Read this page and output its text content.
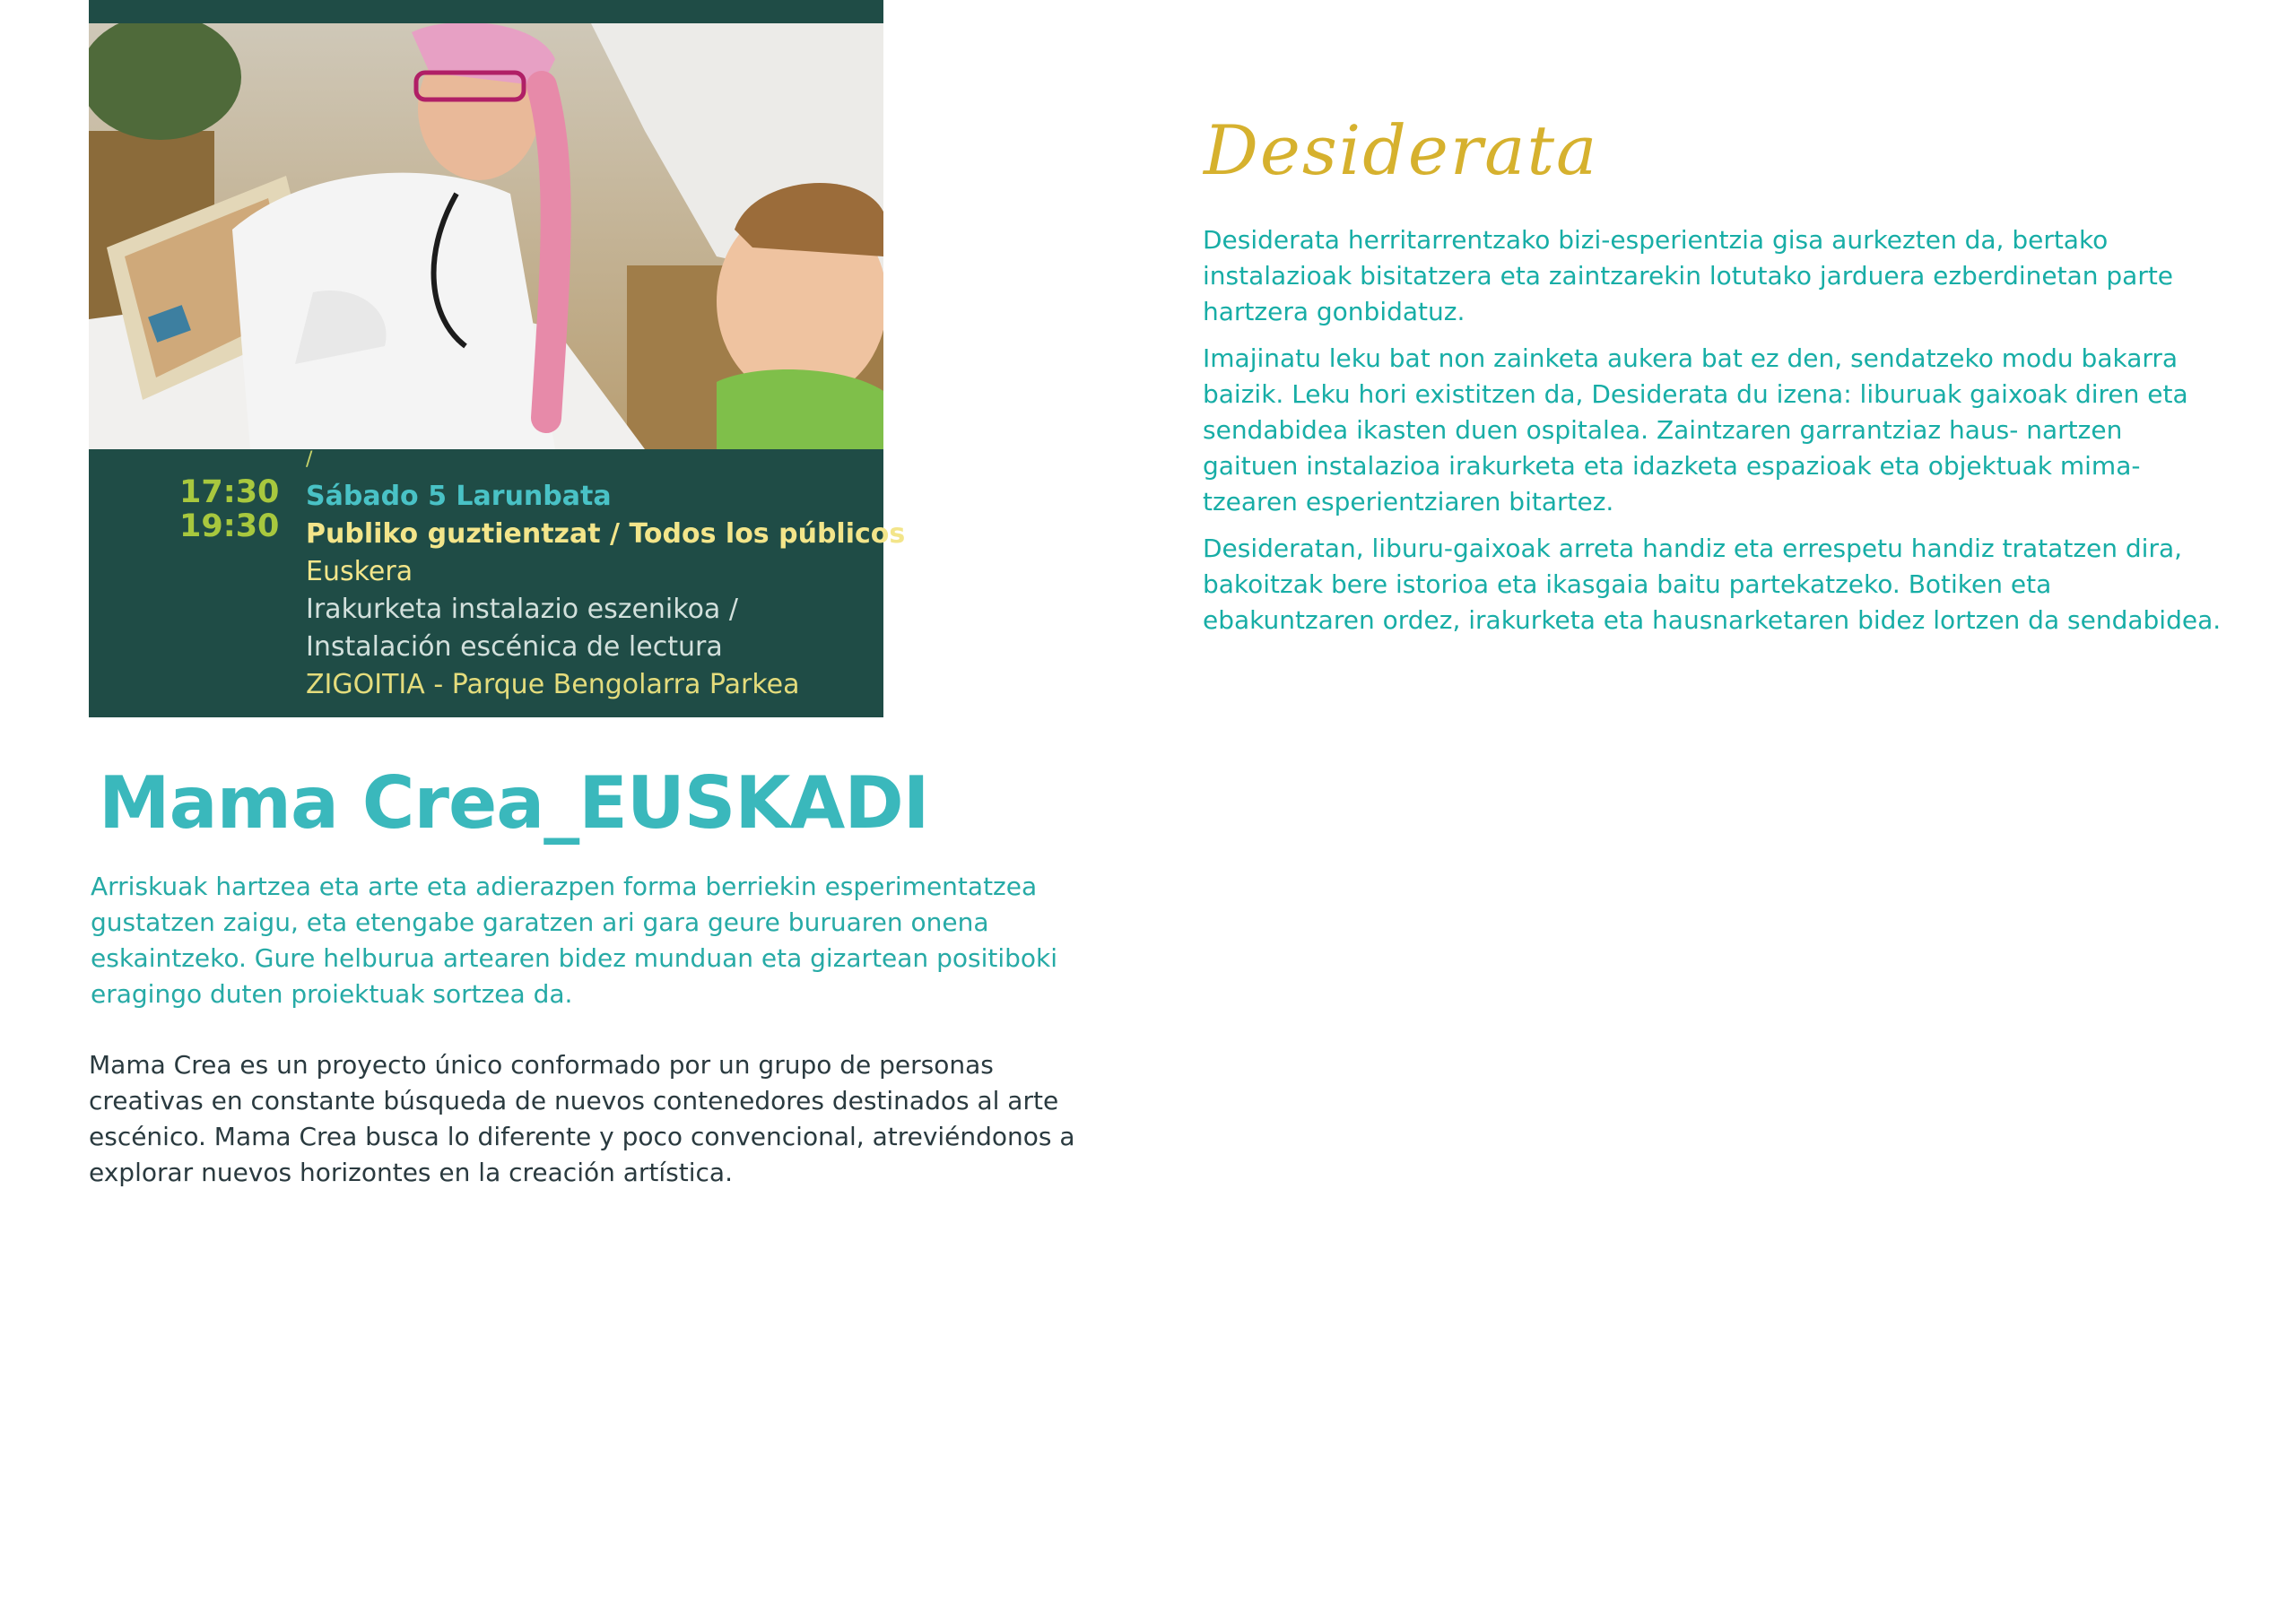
/
17:30
19:30
Sábado 5 Larunbata
Publiko guztientzat / Todos los públicos
Euskera
Irakurketa instalazio eszenikoa /
Instalación escénica de lectura
ZIGOITIA - Parque Bengolarra Parkea
Mama Crea_EUSKADI
Arriskuak hartzea eta arte eta adierazpen forma berriekin esperimentatzea gustatzen zaigu, eta etengabe garatzen ari gara geure buruaren onena eskaintzeko. Gure helburua artearen bidez munduan eta gizartean positiboki eragingo duten proiektuak sortzea da.
Mama Crea es un proyecto único conformado por un grupo de personas creativas en constante búsqueda de nuevos contenedores destinados al arte escénico. Mama Crea busca lo diferente y poco convencional, atreviéndonos a explorar nuevos horizontes en la creación artística.
Desiderata

Desiderata herritarrentzako bizi-esperientzia gisa aurkezten da, bertako instalazioak bisitatzera eta zaintzarekin lotutako jarduera ezberdinetan parte hartzera gonbidatuz.

Imajinatu leku bat non zainketa aukera bat ez den, sendatzeko modu bakarra baizik. Leku hori existitzen da, Desiderata du izena: liburuak gaixoak diren eta sendabidea ikasten duen ospitalea. Zaintzaren garrantziaz haus- nartzen gaituen instalazioa irakurketa eta idazketa espazioak eta objektuak mima- tzearen esperientziaren bitartez.

Desideratan, liburu-gaixoak arreta handiz eta errespetu handiz tratatzen dira, bakoitzak bere istorioa eta ikasgaia baitu partekatzeko. Botiken eta ebakuntzaren ordez, irakurketa eta hausnarketaren bidez lortzen da sendabidea.
